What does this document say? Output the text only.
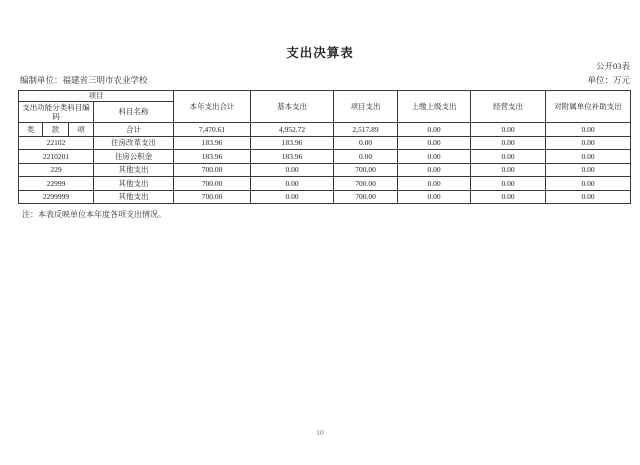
支出决算表
公开03表
编制单位：福建省三明市农业学校	单位：万元
项目				本年支出合计	基本支出	项目支出	上缴上级支出	经营支出	对附属单位补助支出
支出功能分类科目编码			科目名称						
类	款	项	合计	7,470.61	4,952.72	2,517.89	0.00	0.00	0.00
22102			住房改革支出	183.96	183.96	0.00	0.00	0.00	0.00
2210201			住房公积金	183.96	183.96	0.00	0.00	0.00	0.00
229			其他支出	700.00	0.00	700.00	0.00	0.00	0.00
22999			其他支出	700.00	0.00	700.00	0.00	0.00	0.00
2299999			其他支出	700.00	0.00	700.00	0.00	0.00	0.00
注：本表反映单位本年度各项支出情况。
10
